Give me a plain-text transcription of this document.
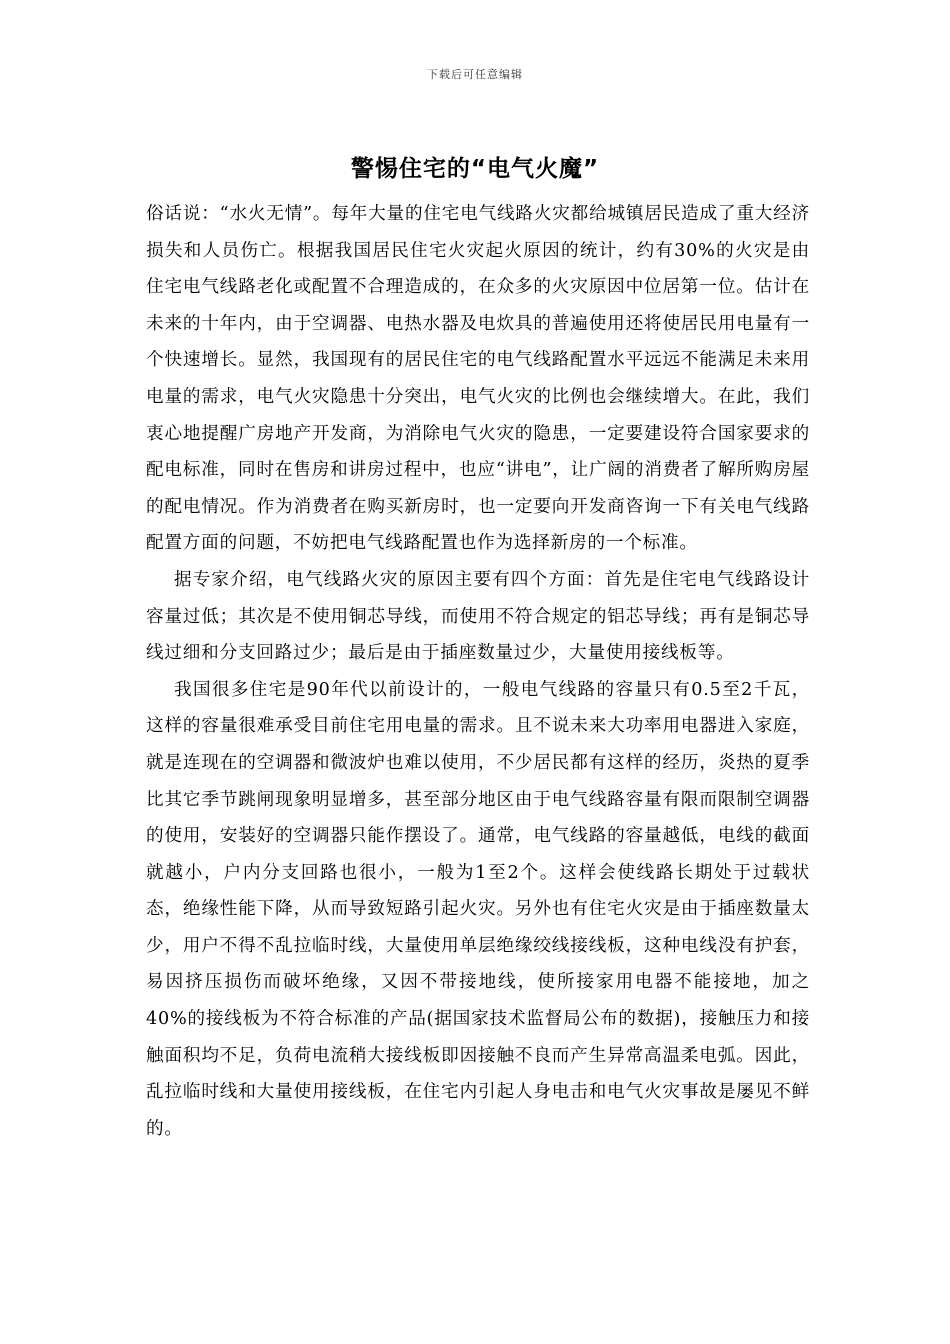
下载后可任意编辑
警惕住宅的“电气火魔”

俗话说：“水火无情”。每年大量的住宅电气线路火灾都给城镇居民造成了重大经济损失和人员伤亡。根据我国居民住宅火灾起火原因的统计，约有30%的火灾是由住宅电气线路老化或配置不合理造成的，在众多的火灾原因中位居第一位。估计在未来的十年内，由于空调器、电热水器及电炊具的普遍使用还将使居民用电量有一个快速增长。显然，我国现有的居民住宅的电气线路配置水平远远不能满足未来用电量的需求，电气火灾隐患十分突出，电气火灾的比例也会继续增大。在此，我们衷心地提醒广房地产开发商，为消除电气火灾的隐患，一定要建设符合国家要求的配电标准，同时在售房和讲房过程中，也应“讲电”，让广阔的消费者了解所购房屋的配电情况。作为消费者在购买新房时，也一定要向开发商咨询一下有关电气线路配置方面的问题，不妨把电气线路配置也作为选择新房的一个标准。

据专家介绍，电气线路火灾的原因主要有四个方面：首先是住宅电气线路设计容量过低；其次是不使用铜芯导线，而使用不符合规定的铝芯导线；再有是铜芯导线过细和分支回路过少；最后是由于插座数量过少，大量使用接线板等。

我国很多住宅是90年代以前设计的，一般电气线路的容量只有0.5至2千瓦，这样的容量很难承受目前住宅用电量的需求。且不说未来大功率用电器进入家庭，就是连现在的空调器和微波炉也难以使用，不少居民都有这样的经历，炎热的夏季比其它季节跳闸现象明显增多，甚至部分地区由于电气线路容量有限而限制空调器的使用，安装好的空调器只能作摆设了。通常，电气线路的容量越低，电线的截面就越小，户内分支回路也很小，一般为1至2个。这样会使线路长期处于过载状态，绝缘性能下降，从而导致短路引起火灾。另外也有住宅火灾是由于插座数量太少，用户不得不乱拉临时线，大量使用单层绝缘绞线接线板，这种电线没有护套，易因挤压损伤而破坏绝缘，又因不带接地线，使所接家用电器不能接地，加之40%的接线板为不符合标准的产品(据国家技术监督局公布的数据)，接触压力和接触面积均不足，负荷电流稍大接线板即因接触不良而产生异常高温柔电弧。因此，乱拉临时线和大量使用接线板，在住宅内引起人身电击和电气火灾事故是屡见不鲜的。
